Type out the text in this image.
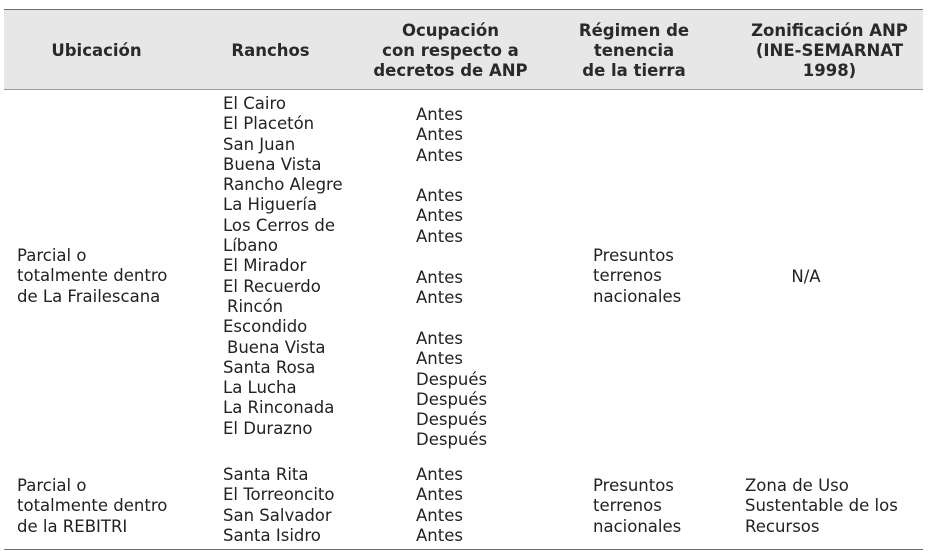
Ubicación	Ranchos
Ocupación
con respecto a
decretos de ANP
Régimen de tenencia
de la tierra
Zonificación ANP
(INE-SEMARNAT
1998)
Parcial o
totalmente dentro
de La Frailescana
El Cairo
El Placetón
San Juan
Buena Vista
Rancho Alegre
La Higuería
Los Cerros de
Líbano
El Mirador
El Recuerdo
Rincón
Escondido
Buena Vista
Santa Rosa
La Lucha
La Rinconada
El Durazno
Antes
Antes
Antes
Antes
Antes
Antes
Antes
Antes
Antes
Antes
Después
Después
Después
Después
Presuntos
terrenos
nacionales
N/A
Parcial o
totalmente dentro
de la REBITRI
Santa Rita
El Torreoncito
San Salvador
Santa Isidro
Antes
Antes
Antes
Antes
Presuntos
terrenos
nacionales
Zona de Uso
Sustentable de los
Recursos
